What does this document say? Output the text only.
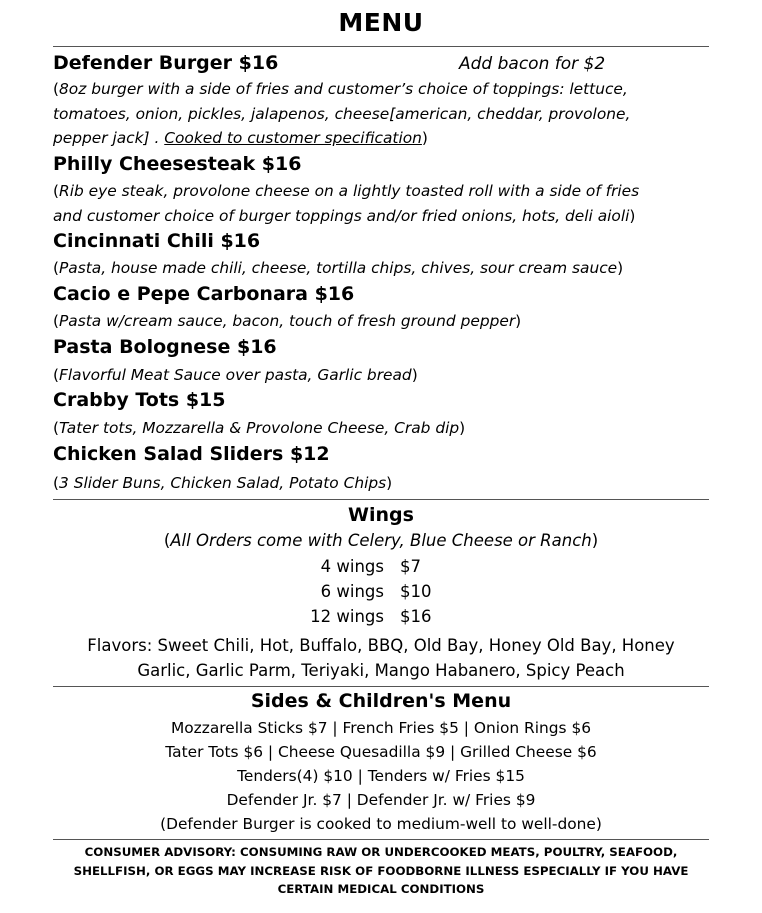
MENU
Defender Burger $16	Add bacon for $2
(8oz burger with a side of fries and customer’s choice of toppings: lettuce,
tomatoes, onion, pickles, jalapenos, cheese[american, cheddar, provolone,
pepper jack] . Cooked to customer specification)
Philly Cheesesteak $16
(Rib eye steak, provolone cheese on a lightly toasted roll with a side of fries
and customer choice of burger toppings and/or fried onions, hots, deli aioli)
Cincinnati Chili $16
(Pasta, house made chili, cheese, tortilla chips, chives, sour cream sauce)
Cacio e Pepe Carbonara $16
(Pasta w/cream sauce, bacon, touch of fresh ground pepper)
Pasta Bolognese $16
(Flavorful Meat Sauce over pasta, Garlic bread)
Crabby Tots $15
(Tater tots, Mozzarella & Provolone Cheese, Crab dip)
Chicken Salad Sliders $12
(3 Slider Buns, Chicken Salad, Potato Chips)
Wings
(All Orders come with Celery, Blue Cheese or Ranch)
4 wings $7
6 wings $10
12 wings $16
Flavors: Sweet Chili, Hot, Buffalo, BBQ, Old Bay, Honey Old Bay, Honey
Garlic, Garlic Parm, Teriyaki, Mango Habanero, Spicy Peach
Sides & Children's Menu
Mozzarella Sticks $7 | French Fries $5 | Onion Rings $6
Tater Tots $6 | Cheese Quesadilla $9 | Grilled Cheese $6
Tenders(4) $10 | Tenders w/ Fries $15
Defender Jr. $7 | Defender Jr. w/ Fries $9
(Defender Burger is cooked to medium-well to well-done)
CONSUMER ADVISORY: CONSUMING RAW OR UNDERCOOKED MEATS, POULTRY, SEAFOOD,
SHELLFISH, OR EGGS MAY INCREASE RISK OF FOODBORNE ILLNESS ESPECIALLY IF YOU HAVE
CERTAIN MEDICAL CONDITIONS
